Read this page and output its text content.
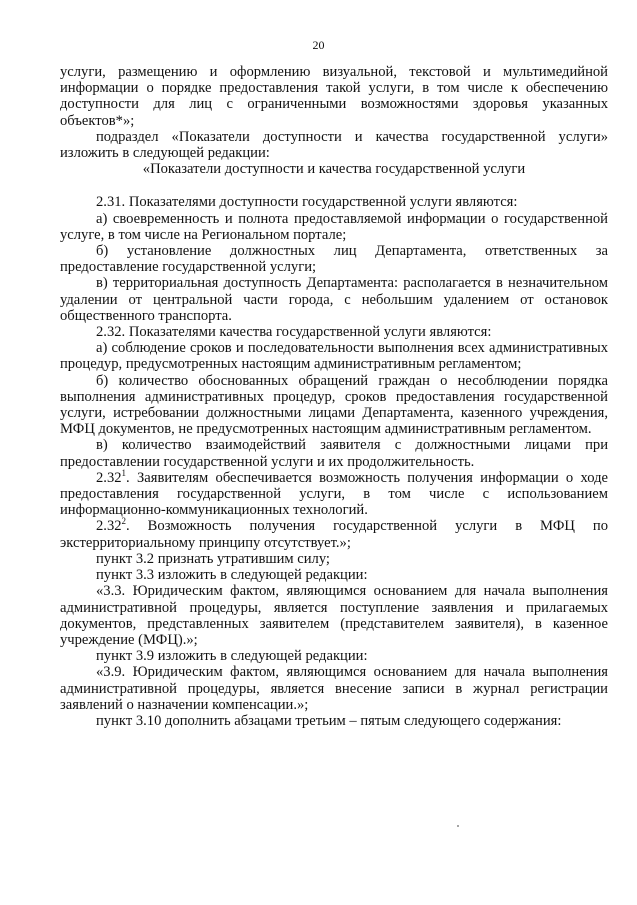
20

услуги, размещению и оформлению визуальной, текстовой и мультимедийной информации о порядке предоставления такой услуги, в том числе к обеспечению доступности для лиц с ограниченными возможностями здоровья указанных объектов*»;

подраздел «Показатели доступности и качества государственной услуги» изложить в следующей редакции:

«Показатели доступности и качества государственной услуги

2.31. Показателями доступности государственной услуги являются:

а) своевременность и полнота предоставляемой информации о государственной услуге, в том числе на Региональном портале;

б) установление должностных лиц Департамента, ответственных за предоставление государственной услуги;

в) территориальная доступность Департамента: располагается в незначительном удалении от центральной части города, с небольшим удалением от остановок общественного транспорта.

2.32. Показателями качества государственной услуги являются:

а) соблюдение сроков и последовательности выполнения всех административных процедур, предусмотренных настоящим административным регламентом;

б) количество обоснованных обращений граждан о несоблюдении порядка выполнения административных процедур, сроков предоставления государственной услуги, истребовании должностными лицами Департамента, казенного учреждения, МФЦ документов, не предусмотренных настоящим административным регламентом.

в) количество взаимодействий заявителя с должностными лицами при предоставлении государственной услуги и их продолжительность.

2.32$^1$. Заявителям обеспечивается возможность получения информации о ходе предоставления государственной услуги, в том числе с использованием информационно-коммуникационных технологий.

2.32$^2$. Возможность получения государственной услуги в МФЦ по экстерриториальному принципу отсутствует.»;

пункт 3.2 признать утратившим силу;

пункт 3.3 изложить в следующей редакции:

«3.3. Юридическим фактом, являющимся основанием для начала выполнения административной процедуры, является поступление заявления и прилагаемых документов, представленных заявителем (представителем заявителя), в казенное учреждение (МФЦ).»;

пункт 3.9 изложить в следующей редакции:

«3.9. Юридическим фактом, являющимся основанием для начала выполнения административной процедуры, является внесение записи в журнал регистрации заявлений о назначении компенсации.»;

пункт 3.10 дополнить абзацами третьим – пятым следующего содержания:
